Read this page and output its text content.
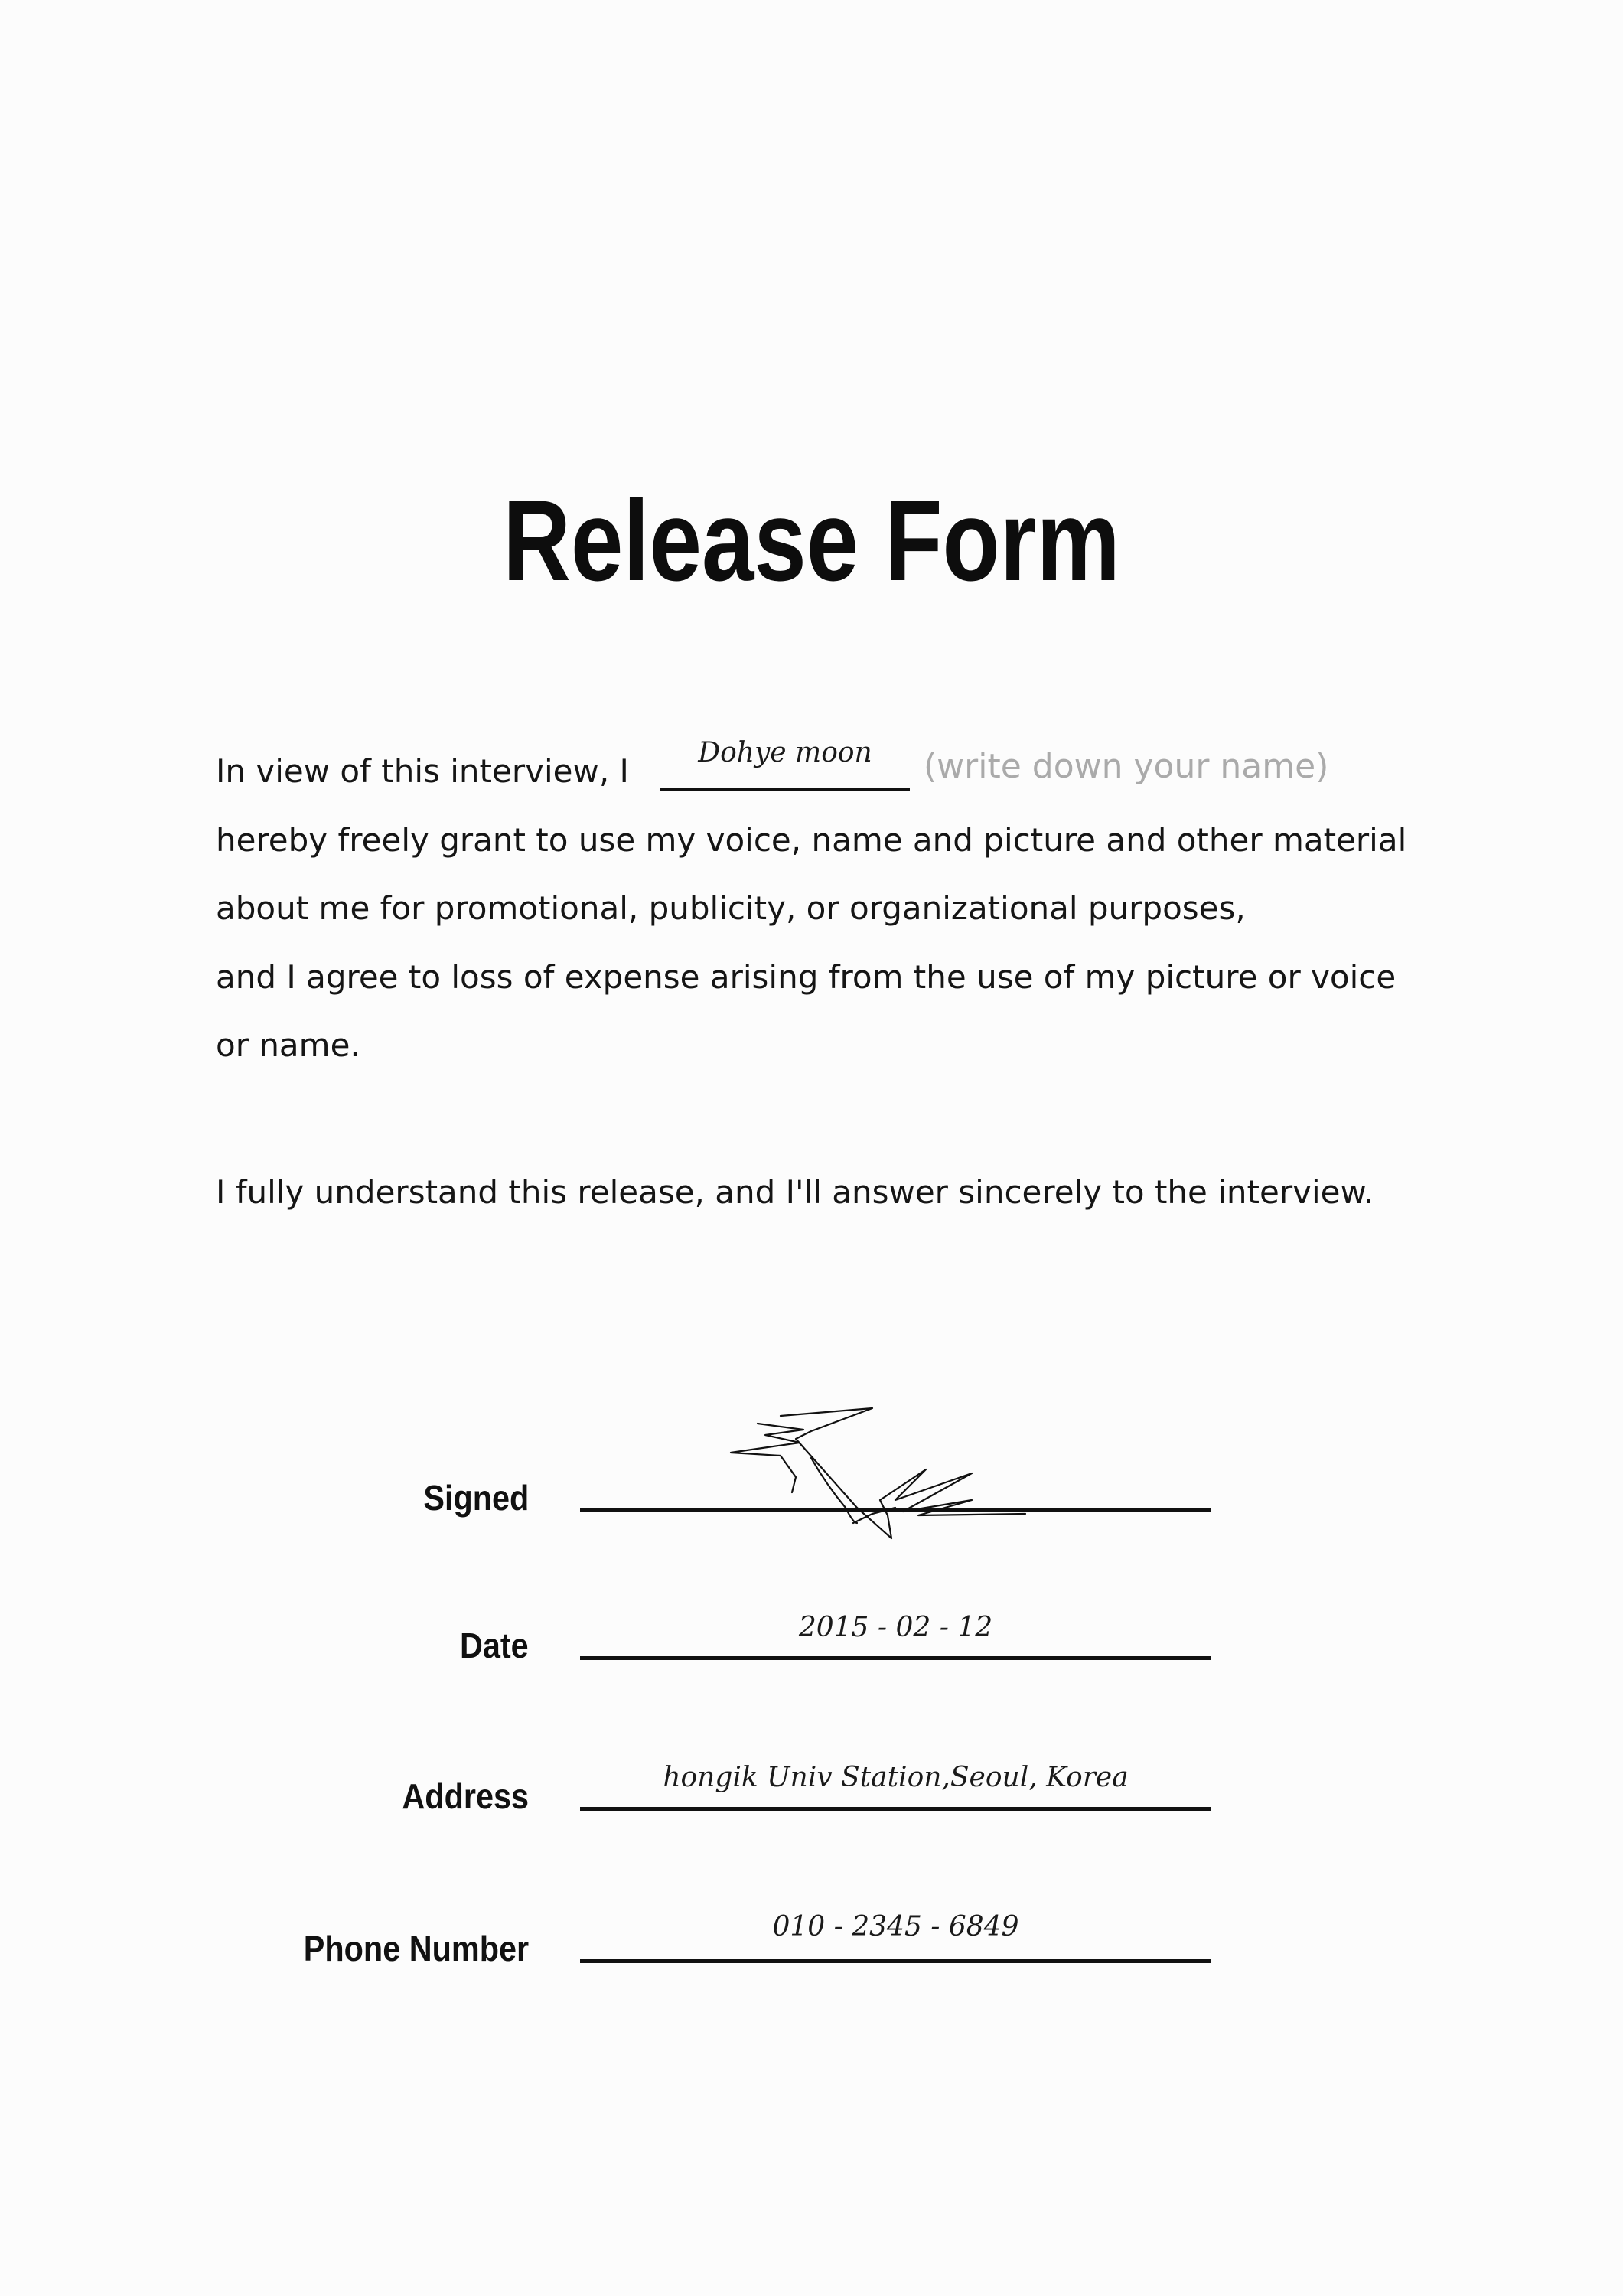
Release Form
In view of this interview, I	Dohye moon	(write down your name)
hereby freely grant to use my voice, name and picture and other material
about me for promotional, publicity, or organizational purposes,
and I agree to loss of expense arising from the use of my picture or voice
or name.
I fully understand this release, and I'll answer sincerely to the interview.
Signed
2015 - 02 - 12
Date
hongik Univ Station,Seoul, Korea
Address
010 - 2345 - 6849
Phone Number
